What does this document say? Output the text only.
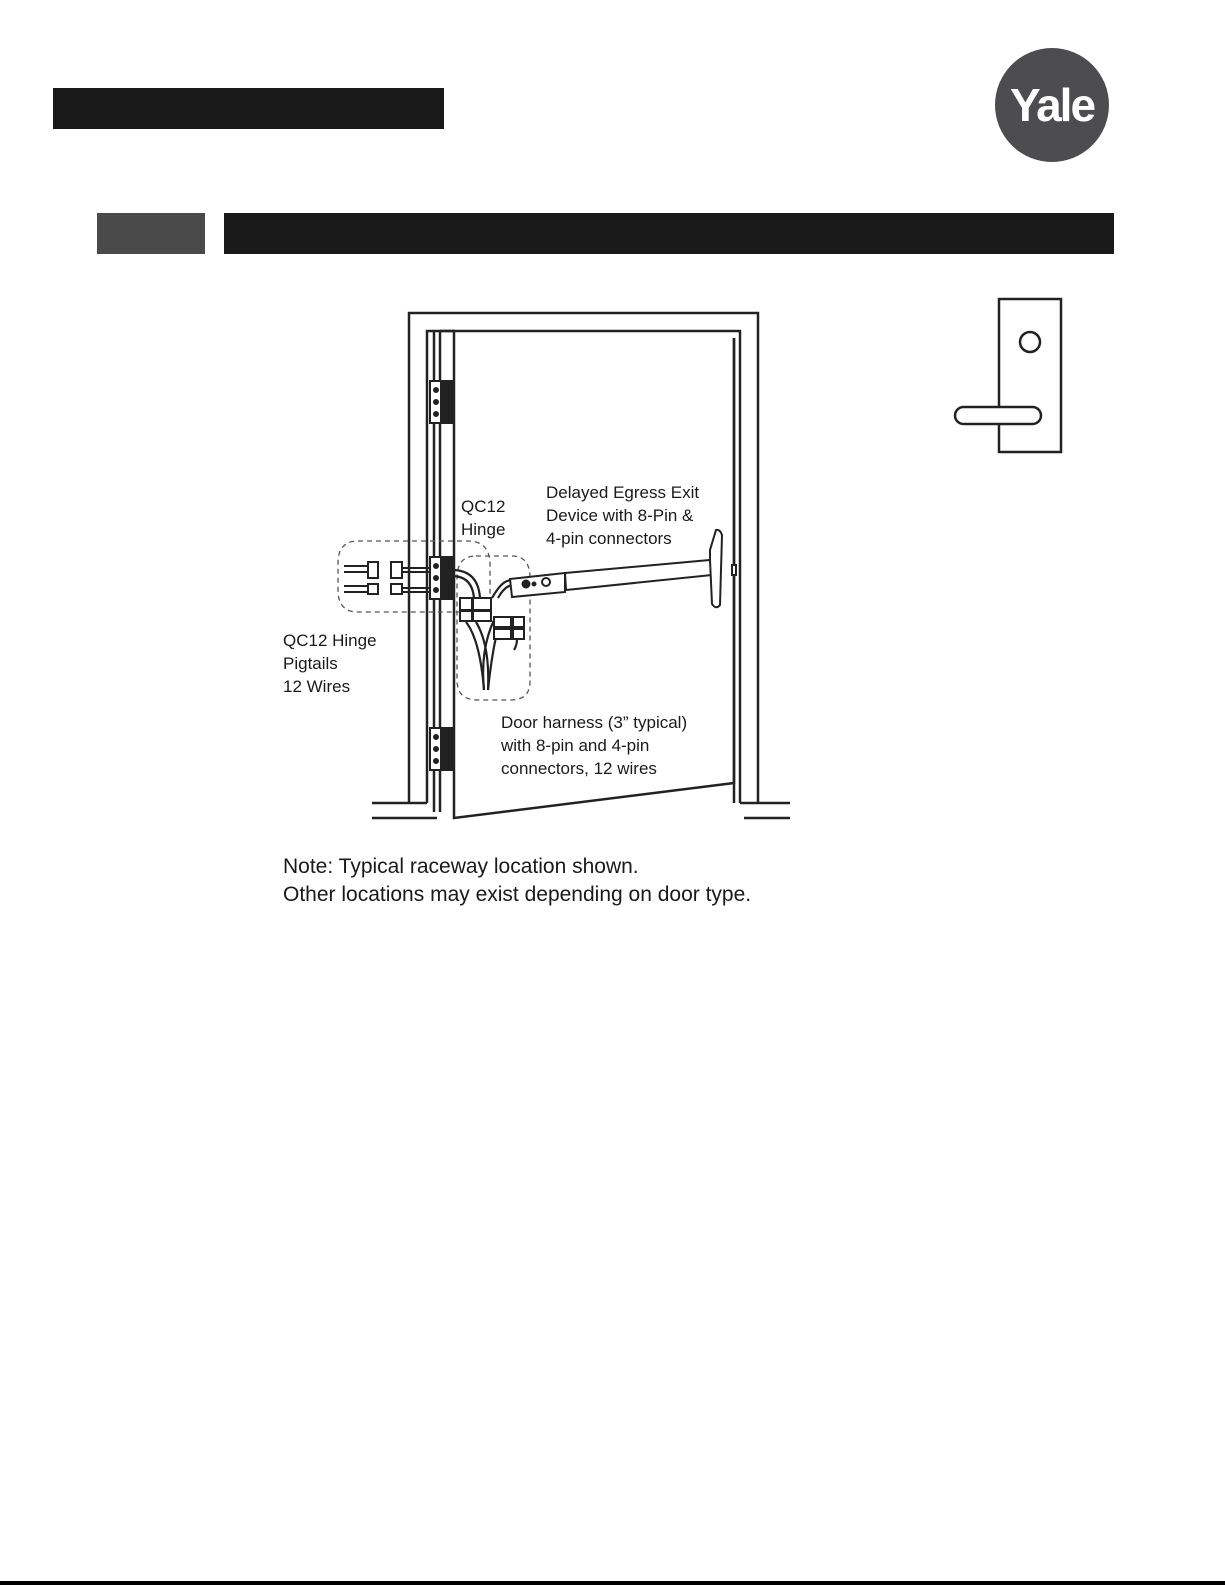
Yale
QC12
Hinge
Delayed Egress Exit
Device with 8-Pin &
4-pin connectors
QC12 Hinge
Pigtails
12 Wires
Door harness (3” typical)
with 8-pin and 4-pin
connectors, 12 wires
Note: Typical raceway location shown.
Other locations may exist depending on door type.
